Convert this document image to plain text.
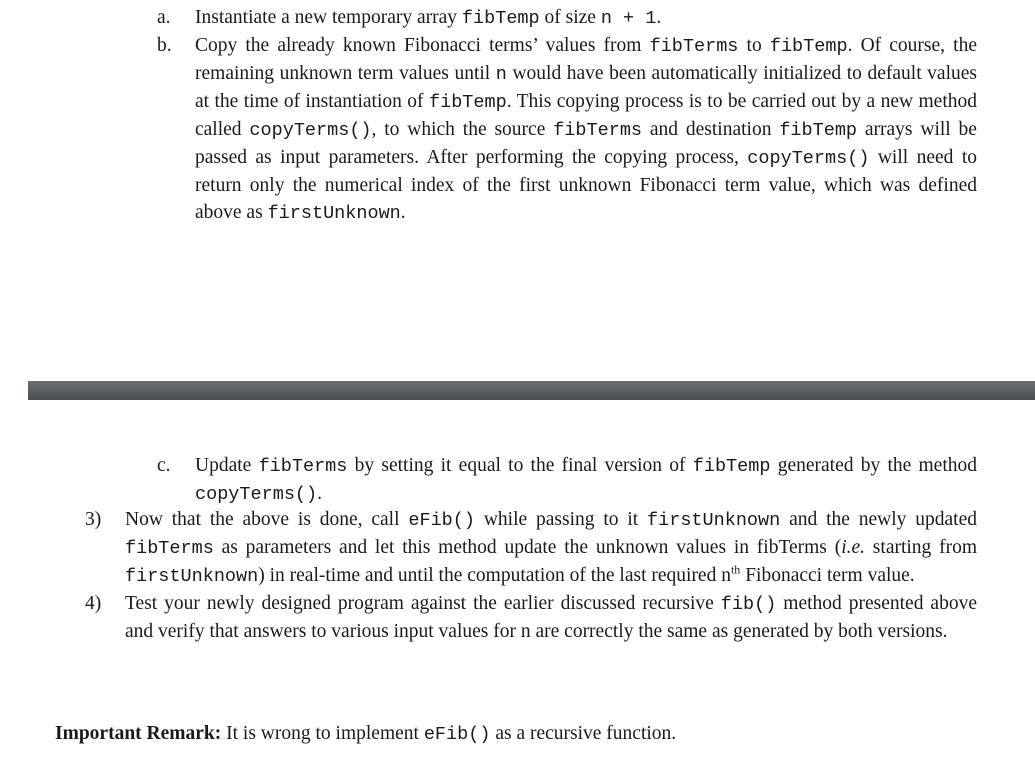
a. Instantiate a new temporary array fibTemp of size n + 1.

b. Copy the already known Fibonacci terms’ values from fibTerms to fibTemp. Of course, the remaining unknown term values until n would have been automatically initialized to default values at the time of instantiation of fibTemp. This copying process is to be carried out by a new method called copyTerms(), to which the source fibTerms and destination fibTemp arrays will be passed as input parameters. After performing the copying process, copyTerms() will need to return only the numerical index of the first unknown Fibonacci term value, which was defined above as firstUnknown.

c. Update fibTerms by setting it equal to the final version of fibTemp generated by the method copyTerms().

3) Now that the above is done, call eFib() while passing to it firstUnknown and the newly updated fibTerms as parameters and let this method update the unknown values in fibTerms (i.e. starting from firstUnknown) in real-time and until the computation of the last required $n^{th}$ Fibonacci term value.

4) Test your newly designed program against the earlier discussed recursive fib() method presented above and verify that answers to various input values for n are correctly the same as generated by both versions.

Important Remark: It is wrong to implement eFib() as a recursive function.
